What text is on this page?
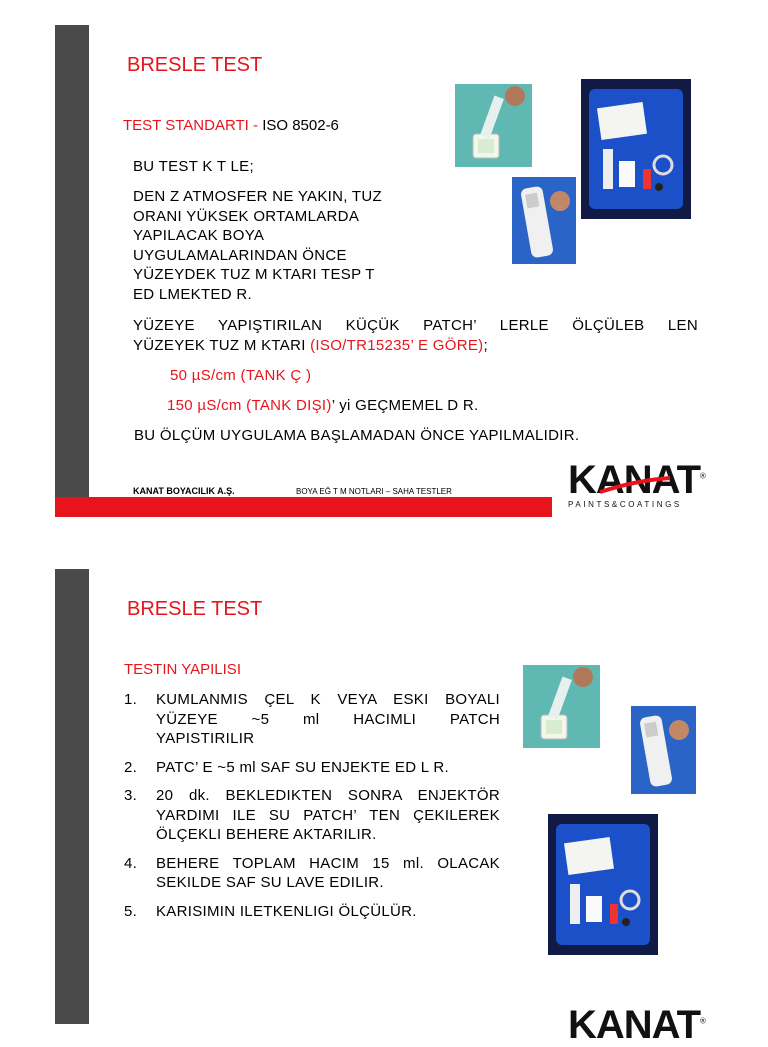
BRESLE TEST
TEST STANDARTI - ISO 8502-6
BU TEST K T LE;
DEN Z ATMOSFER NE YAKIN, TUZ
ORANI YÜKSEK ORTAMLARDA
YAPILACAK BOYA
UYGULAMALARINDAN ÖNCE
YÜZEYDEK TUZ M KTARI TESP T
ED LMEKTED R.
YÜZEYE YAPIŞTIRILAN KÜÇÜK PATCH’ LERLE ÖLÇÜLEB LEN
YÜZEYEK TUZ M KTARI (ISO/TR15235’ E GÖRE);
50 µS/cm (TANK Ç )
150 µS/cm (TANK DIŞI)’ yi GEÇMEMEL D R.
BU ÖLÇÜM UYGULAMA BAŞLAMADAN ÖNCE YAPILMALIDIR.
KANAT BOYACILIK A.Ş.	BOYA EĞ T M NOTLARI – SAHA TESTLER	KANAT®
PAINTS&COATINGS
BRESLE TEST
TESTIN YAPILISI
1. KUMLANMIS ÇEL K VEYA ESKI BOYALI
YÜZEYE ~5 ml HACIMLI PATCH
YAPISTIRILIR
2. PATC’ E ~5 ml SAF SU ENJEKTE ED L R.
3. 20 dk. BEKLEDIKTEN SONRA ENJEKTÖR
YARDIMI ILE SU PATCH’ TEN ÇEKILEREK
ÖLÇEKLI BEHERE AKTARILIR.
4. BEHERE TOPLAM HACIM 15 ml. OLACAK
SEKILDE SAF SU LAVE EDILIR.
5. KARISIMIN ILETKENLIGI ÖLÇÜLÜR.
KANAT®
